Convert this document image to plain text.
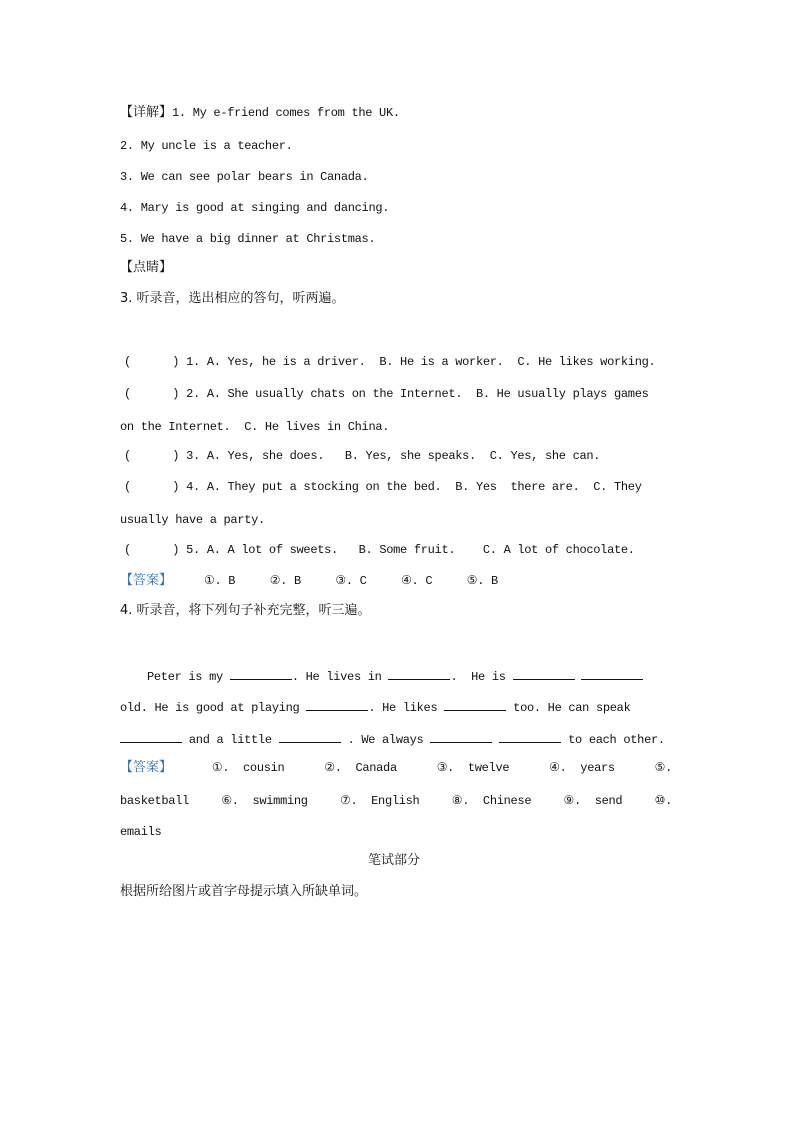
【详解】1. My e-friend comes from the UK.
2. My uncle is a teacher.
3. We can see polar bears in Canada.
4. Mary is good at singing and dancing.
5. We have a big dinner at Christmas.
【点睛】
3. 听录音，选出相应的答句，听两遍。
(      ) 1. A. Yes, he is a driver.  B. He is a worker.  C. He likes working.
(      ) 2. A. She usually chats on the Internet.  B. He usually plays games
on the Internet.  C. He lives in China.
(      ) 3. A. Yes, she does.   B. Yes, she speaks.  C. Yes, she can.
(      ) 4. A. They put a stocking on the bed.  B. Yes  there are.  C. They
usually have a party.
(      ) 5. A. A lot of sweets.   B. Some fruit.    C. A lot of chocolate.
【答案】	①. B	②. B	③. C	④. C	⑤. B
4. 听录音，将下列句子补充完整，听三遍。
Peter is my	. He lives in	.  He is
old. He is good at playing	. He likes	too. He can speak
and a little	. We always	to each other.
【答案】	①.  cousin	②.  Canada	③.  twelve	④.  years	⑤.
basketball	⑥.  swimming	⑦.  English	⑧.  Chinese	⑨.  send	⑩.
emails
笔试部分
根据所给图片或首字母提示填入所缺单词。
